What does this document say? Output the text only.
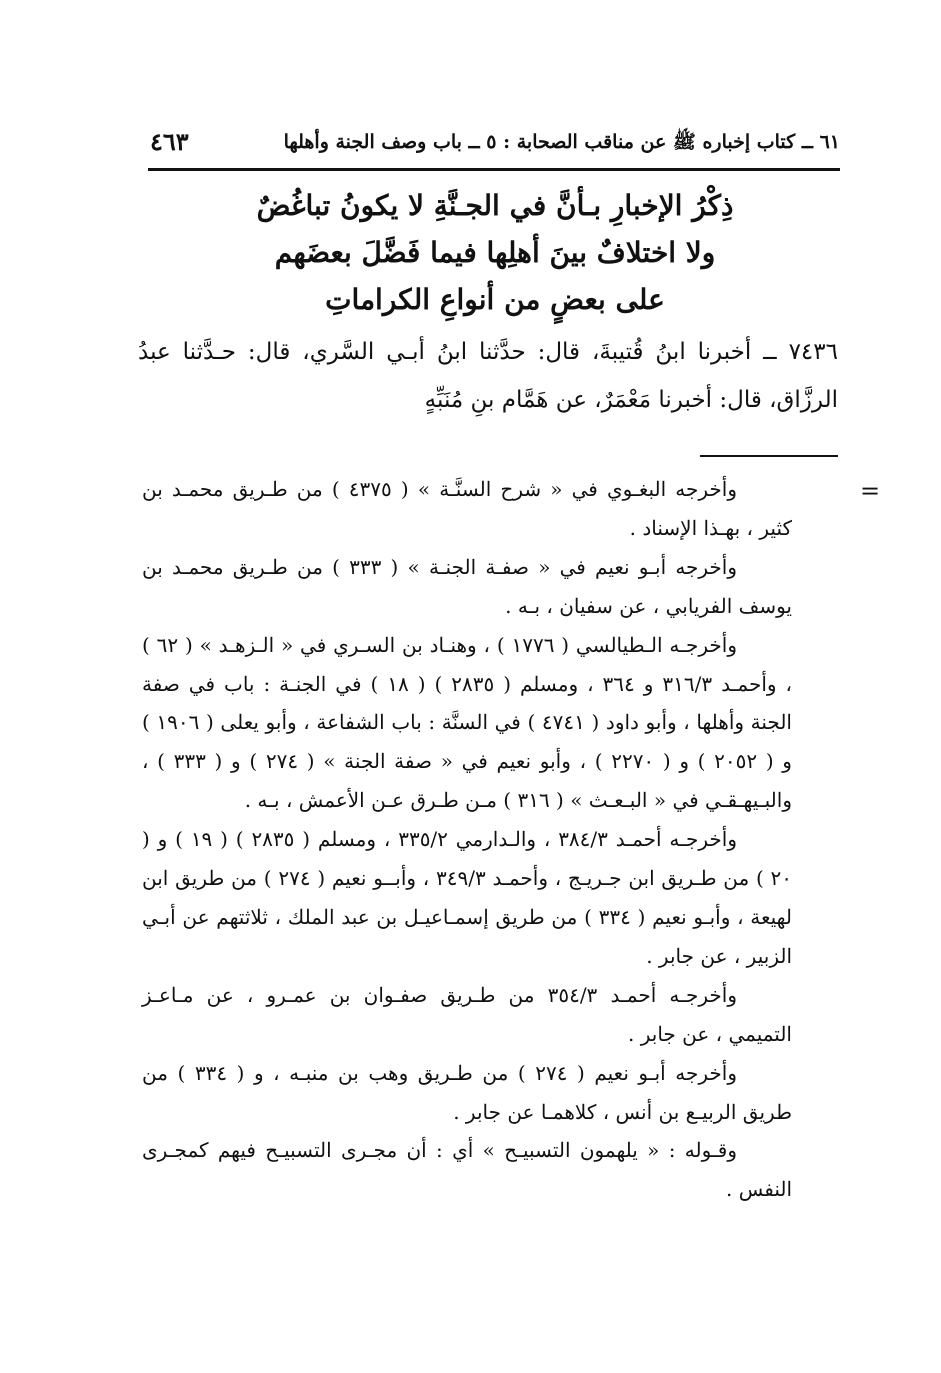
٦١ ــ كتاب إخباره ﷺ عن مناقب الصحابة : ٥ ــ باب وصف الجنة وأهلها
٤٦٣
ذِكْرُ الإخبارِ بـأنَّ في الجـنَّةِ لا يكونُ تباغُضٌ
ولا اختلافٌ بينَ أهلِها فيما فَضَّلَ بعضَهم
على بعضٍ من أنواعِ الكراماتِ
٧٤٣٦ ــ أخبرنا ابنُ قُتيبةَ، قال: حدَّثنا ابنُ أبـي السَّري، قال: حـدَّثنا عبدُ الرزَّاق، قال: أخبرنا مَعْمَرٌ، عن هَمَّام بنِ مُنَبِّهٍ
=

وأخرجه البغـوي في « شرح السنَّـة » ( ٤٣٧٥ ) من طـريق محمـد بن كثير ، بهـذا الإسناد .

وأخرجه أبـو نعيم في « صفـة الجنـة » ( ٣٣٣ ) من طـريق محمـد بن يوسف الفريابي ، عن سفيان ، بـه .

وأخرجـه الـطيالسي ( ١٧٧٦ ) ، وهنـاد بن السـري في « الـزهـد » ( ٦٢ ) ، وأحمـد ٣١٦/٣ و ٣٦٤ ، ومسلم ( ٢٨٣٥ ) ( ١٨ ) في الجنـة : باب في صفة الجنة وأهلها ، وأبو داود ( ٤٧٤١ ) في السنَّة : باب الشفاعة ، وأبو يعلى ( ١٩٠٦ ) و ( ٢٠٥٢ ) و ( ٢٢٧٠ ) ، وأبو نعيم في « صفة الجنة » ( ٢٧٤ ) و ( ٣٣٣ ) ، والبـيهـقـي في « البـعـث » ( ٣١٦ ) مـن طـرق عـن الأعمش ، بـه .

وأخرجـه أحمـد ٣٨٤/٣ ، والـدارمي ٣٣٥/٢ ، ومسلم ( ٢٨٣٥ ) ( ١٩ ) و ( ٢٠ ) من طـريق ابن جـريـج ، وأحمـد ٣٤٩/٣ ، وأبــو نعيم ( ٢٧٤ ) من طريق ابن لهيعة ، وأبـو نعيم ( ٣٣٤ ) من طريق إسمـاعيـل بن عبد الملك ، ثلاثتهم عن أبـي الزبير ، عن جابر .

وأخرجـه أحمـد ٣٥٤/٣ من طـريق صفـوان بن عمـرو ، عن مـاعـز التميمي ، عن جابر .

وأخرجه أبـو نعيم ( ٢٧٤ ) من طـريق وهب بن منبـه ، و ( ٣٣٤ ) من طريق الربيـع بن أنس ، كلاهمـا عن جابر .

وقـوله : « يلهمون التسبيـح » أي : أن مجـرى التسبيـح فيهم كمجـرى النفس .
